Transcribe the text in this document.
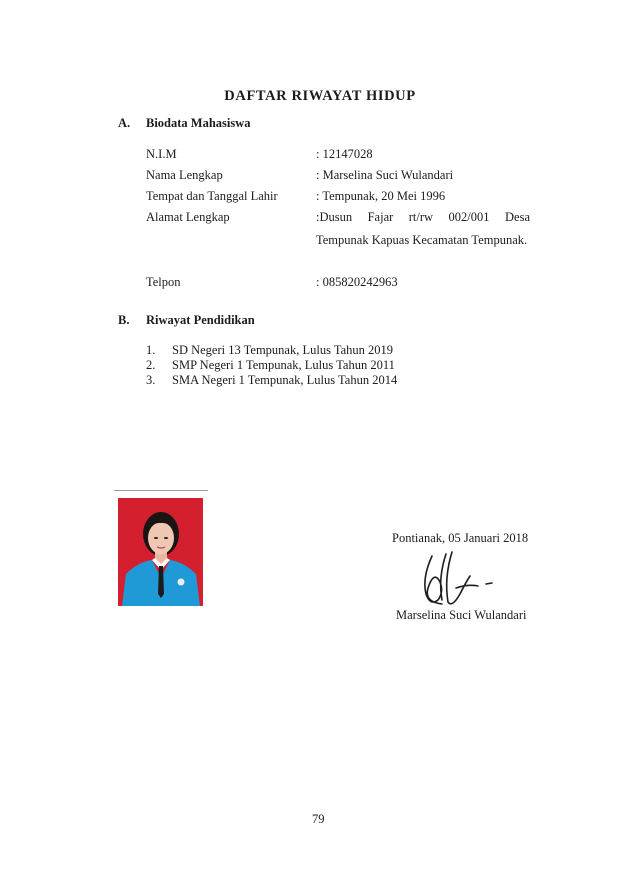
DAFTAR RIWAYAT HIDUP
A. Biodata Mahasiswa
N.I.M	: 12147028
Nama Lengkap	: Marselina Suci Wulandari
Tempat dan Tanggal Lahir	: Tempunak, 20 Mei 1996
Alamat Lengkap	:Dusun Fajar rt/rw 002/001 Desa Tempunak Kapuas Kecamatan Tempunak.
Telpon	: 085820242963
B. Riwayat Pendidikan
1. SD Negeri 13 Tempunak, Lulus Tahun 2019
2. SMP Negeri 1 Tempunak, Lulus Tahun 2011
3. SMA Negeri 1 Tempunak, Lulus Tahun 2014
Pontianak, 05 Januari 2018
Marselina Suci Wulandari
79
